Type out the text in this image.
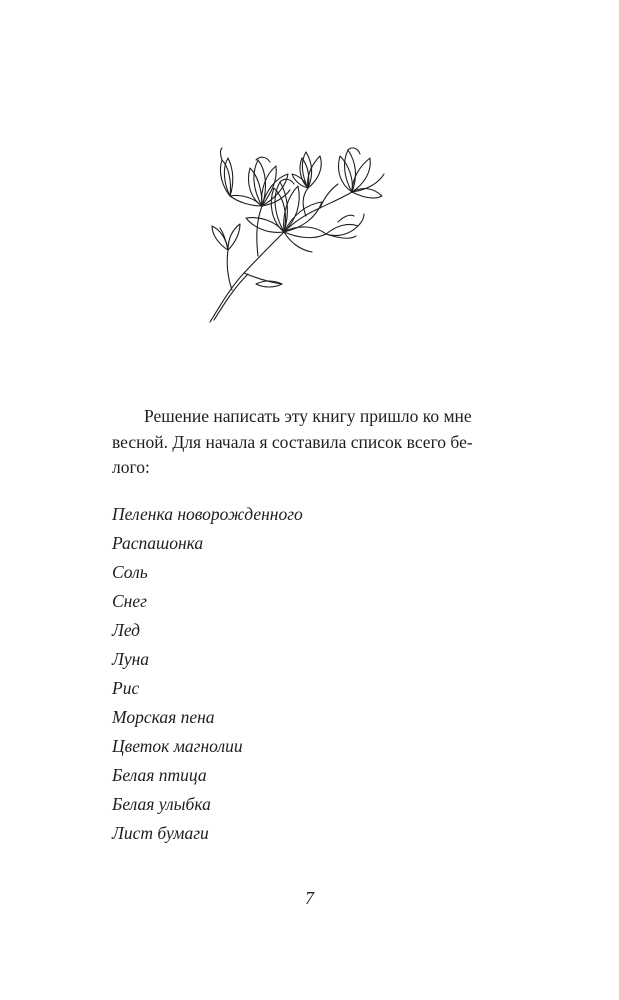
Решение написать эту книгу пришло ко мне
весной. Для начала я составила список всего бе-
лого:

Пеленка новорожденного
Распашонка
Соль
Снег
Лед
Луна
Рис
Морская пена
Цветок магнолии
Белая птица
Белая улыбка
Лист бумаги
7
